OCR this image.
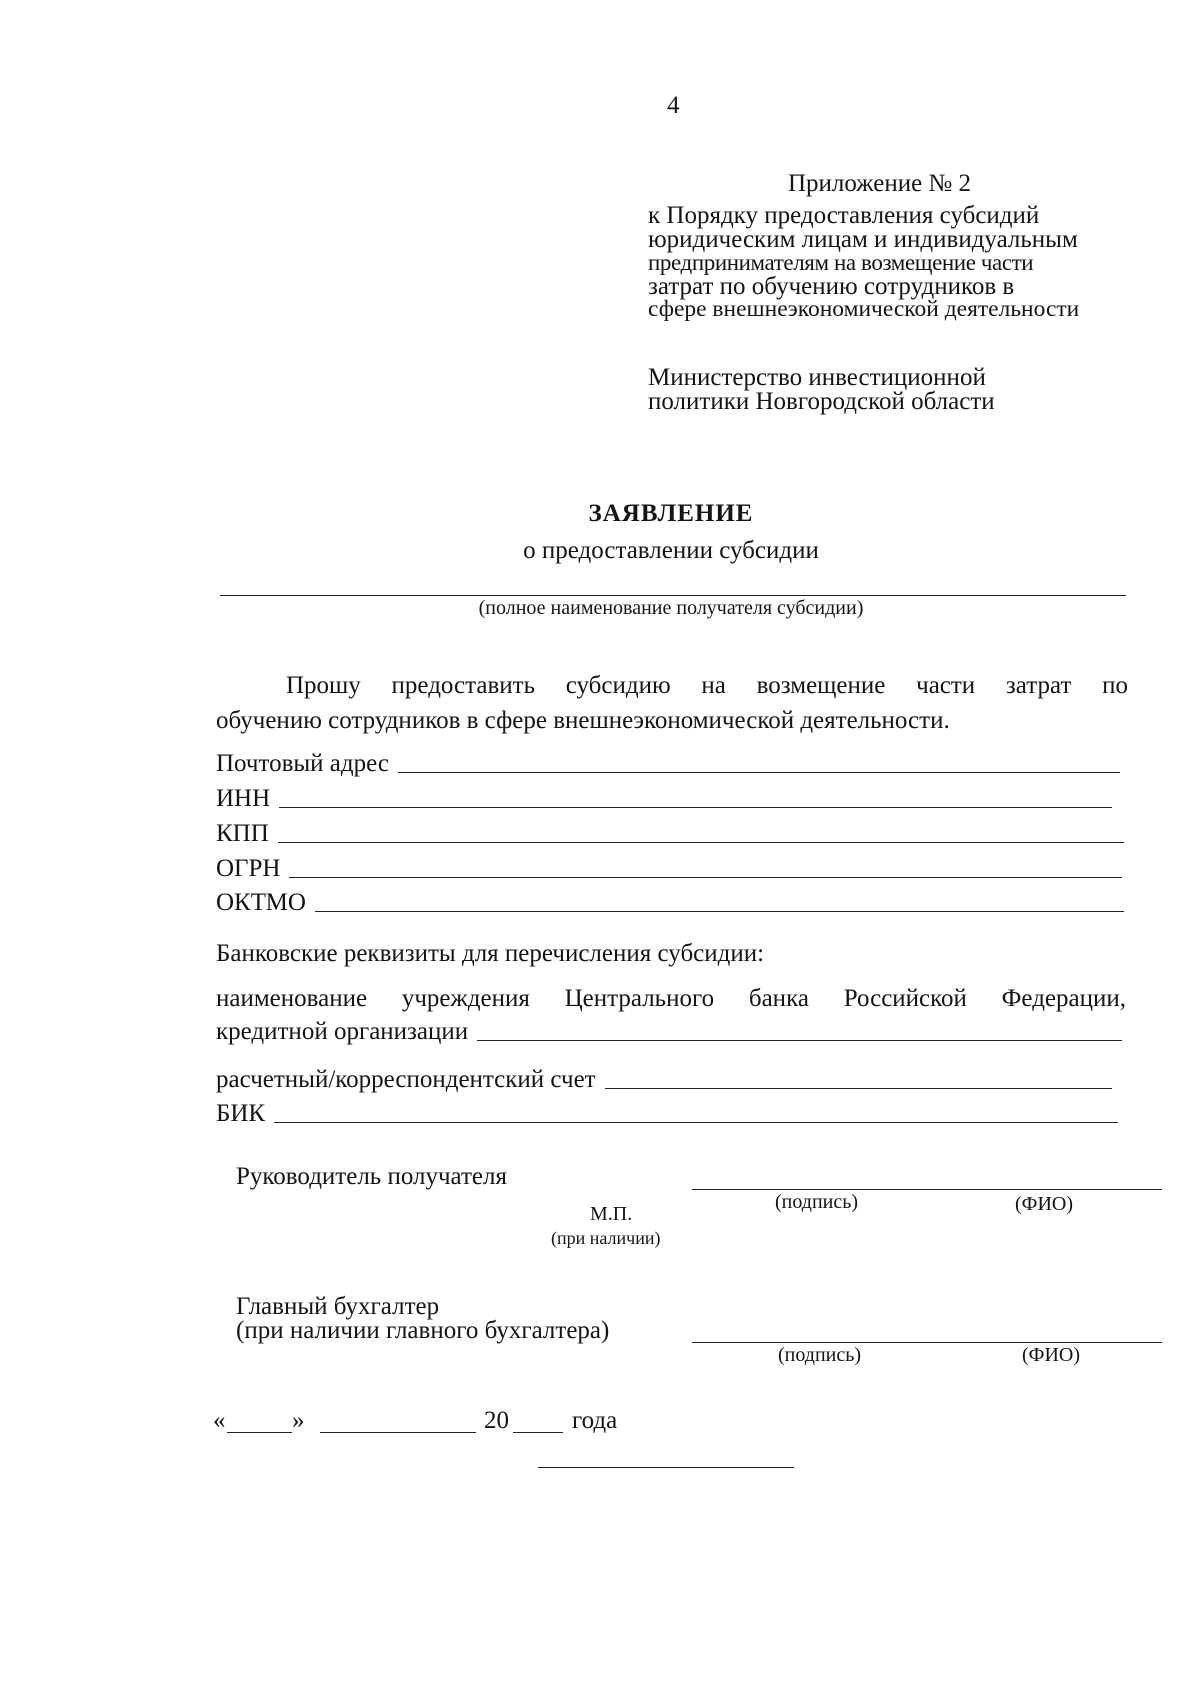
4
Приложение № 2
к Порядку предоставления субсидий
юридическим лицам и индивидуальным
предпринимателям на возмещение части
затрат по обучению сотрудников в
сфере внешнеэкономической деятельности
Министерство инвестиционной
политики Новгородской области
ЗАЯВЛЕНИЕ
о предоставлении субсидии
(полное наименование получателя субсидии)
Прошу предоставить субсидию на возмещение части затрат по
обучению сотрудников в сфере внешнеэкономической деятельности.
Почтовый адрес
ИНН
КПП
ОГРН
ОКТМО
Банковские реквизиты для перечисления субсидии:
наименование учреждения Центрального банка Российской Федерации,
кредитной организации
расчетный/корреспондентский счет
БИК
Руководитель получателя
(подпись)	(ФИО)
М.П.
(при наличии)
Главный бухгалтер
(при наличии главного бухгалтера)
(подпись)	(ФИО)
«	»	20	года
